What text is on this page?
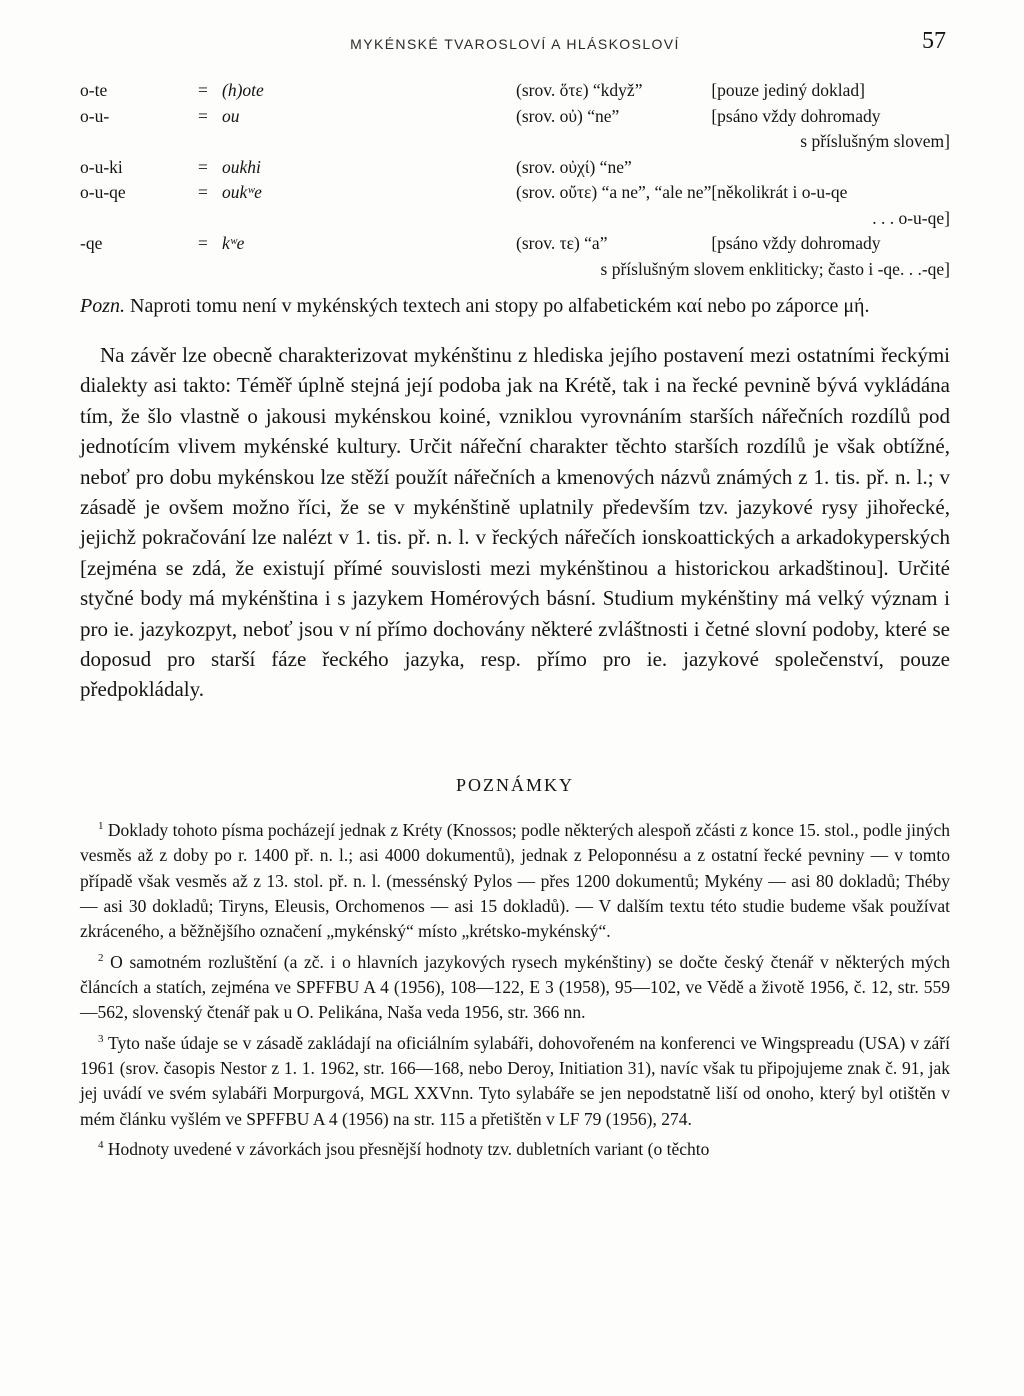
MYKÉNSKÉ TVAROSLOVÍ A HLÁSKOSLOVÍ	57
o-te	= (h)ote	(srov. ὅτε) “když”	[pouze jediný doklad]
o-u-	= ou	(srov. οὐ) “ne”	[psáno vždy dohromady
s příslušným slovem]			
o-u-ki	= oukhi	(srov. οὐχί) “ne”	
o-u-qe	= oukʷe	(srov. οὔτε) “a ne”, “ale ne”	[několikrát i o-u-qe
. . . o-u-qe]			
-qe	= kʷe	(srov. τε) “a”	[psáno vždy dohromady
s příslušným slovem enkliticky; často i -qe. . .-qe]			

Pozn. Naproti tomu není v mykénských textech ani stopy po alfabetickém καί nebo po záporce μή.

Na závěr lze obecně charakterizovat mykénštinu z hlediska jejího postavení mezi ostatními řeckými dialekty asi takto: Téměř úplně stejná její podoba jak na Krétě, tak i na řecké pevnině bývá vykládána tím, že šlo vlastně o jakousi mykénskou koiné, vzniklou vyrovnáním starších nářečních rozdílů pod jednotícím vlivem mykénské kultury. Určit nářeční charakter těchto starších rozdílů je však obtížné, neboť pro dobu mykénskou lze stěží použít nářečních a kmenových názvů známých z 1. tis. př. n. l.; v zásadě je ovšem možno říci, že se v mykénštině uplatnily především tzv. jazykové rysy jihořecké, jejichž pokračování lze nalézt v 1. tis. př. n. l. v řeckých nářečích ionskoattických a arkadokyperských [zejména se zdá, že existují přímé souvislosti mezi mykénštinou a historickou arkadštinou]. Určité styčné body má mykénština i s jazykem Homérových básní. Studium mykénštiny má velký význam i pro ie. jazykozpyt, neboť jsou v ní přímo dochovány některé zvláštnosti i četné slovní podoby, které se doposud pro starší fáze řeckého jazyka, resp. přímo pro ie. jazykové společenství, pouze předpokládaly.

POZNÁMKY

$^1$ Doklady tohoto písma pocházejí jednak z Kréty (Knossos; podle některých alespoň zčásti z konce 15. stol., podle jiných vesměs až z doby po r. 1400 př. n. l.; asi 4000 dokumentů), jednak z Peloponnésu a z ostatní řecké pevniny — v tomto případě však vesměs až z 13. stol. př. n. l. (messénský Pylos — přes 1200 dokumentů; Mykény — asi 80 dokladů; Théby — asi 30 dokladů; Tiryns, Eleusis, Orchomenos — asi 15 dokladů). — V dalším textu této studie budeme však používat zkráceného, a běžnějšího označení „mykénský“ místo „krétsko-mykénský“.

$^2$ O samotném rozluštění (a zč. i o hlavních jazykových rysech mykénštiny) se dočte český čtenář v některých mých článcích a statích, zejména ve SPFFBU A 4 (1956), 108—122, E 3 (1958), 95—102, ve Vědě a životě 1956, č. 12, str. 559—562, slovenský čtenář pak u O. Pelikána, Naša veda 1956, str. 366 nn.

$^3$ Tyto naše údaje se v zásadě zakládají na oficiálním sylabáři, dohovořeném na konferenci ve Wingspreadu (USA) v září 1961 (srov. časopis Nestor z 1. 1. 1962, str. 166—168, nebo Deroy, Initiation 31), navíc však tu připojujeme znak č. 91, jak jej uvádí ve svém sylabáři Morpurgová, MGL XXVnn. Tyto sylabáře se jen nepodstatně liší od onoho, který byl otištěn v mém článku vyšlém ve SPFFBU A 4 (1956) na str. 115 a přetištěn v LF 79 (1956), 274.

$^4$ Hodnoty uvedené v závorkách jsou přesnější hodnoty tzv. dubletních variant (o těchto
